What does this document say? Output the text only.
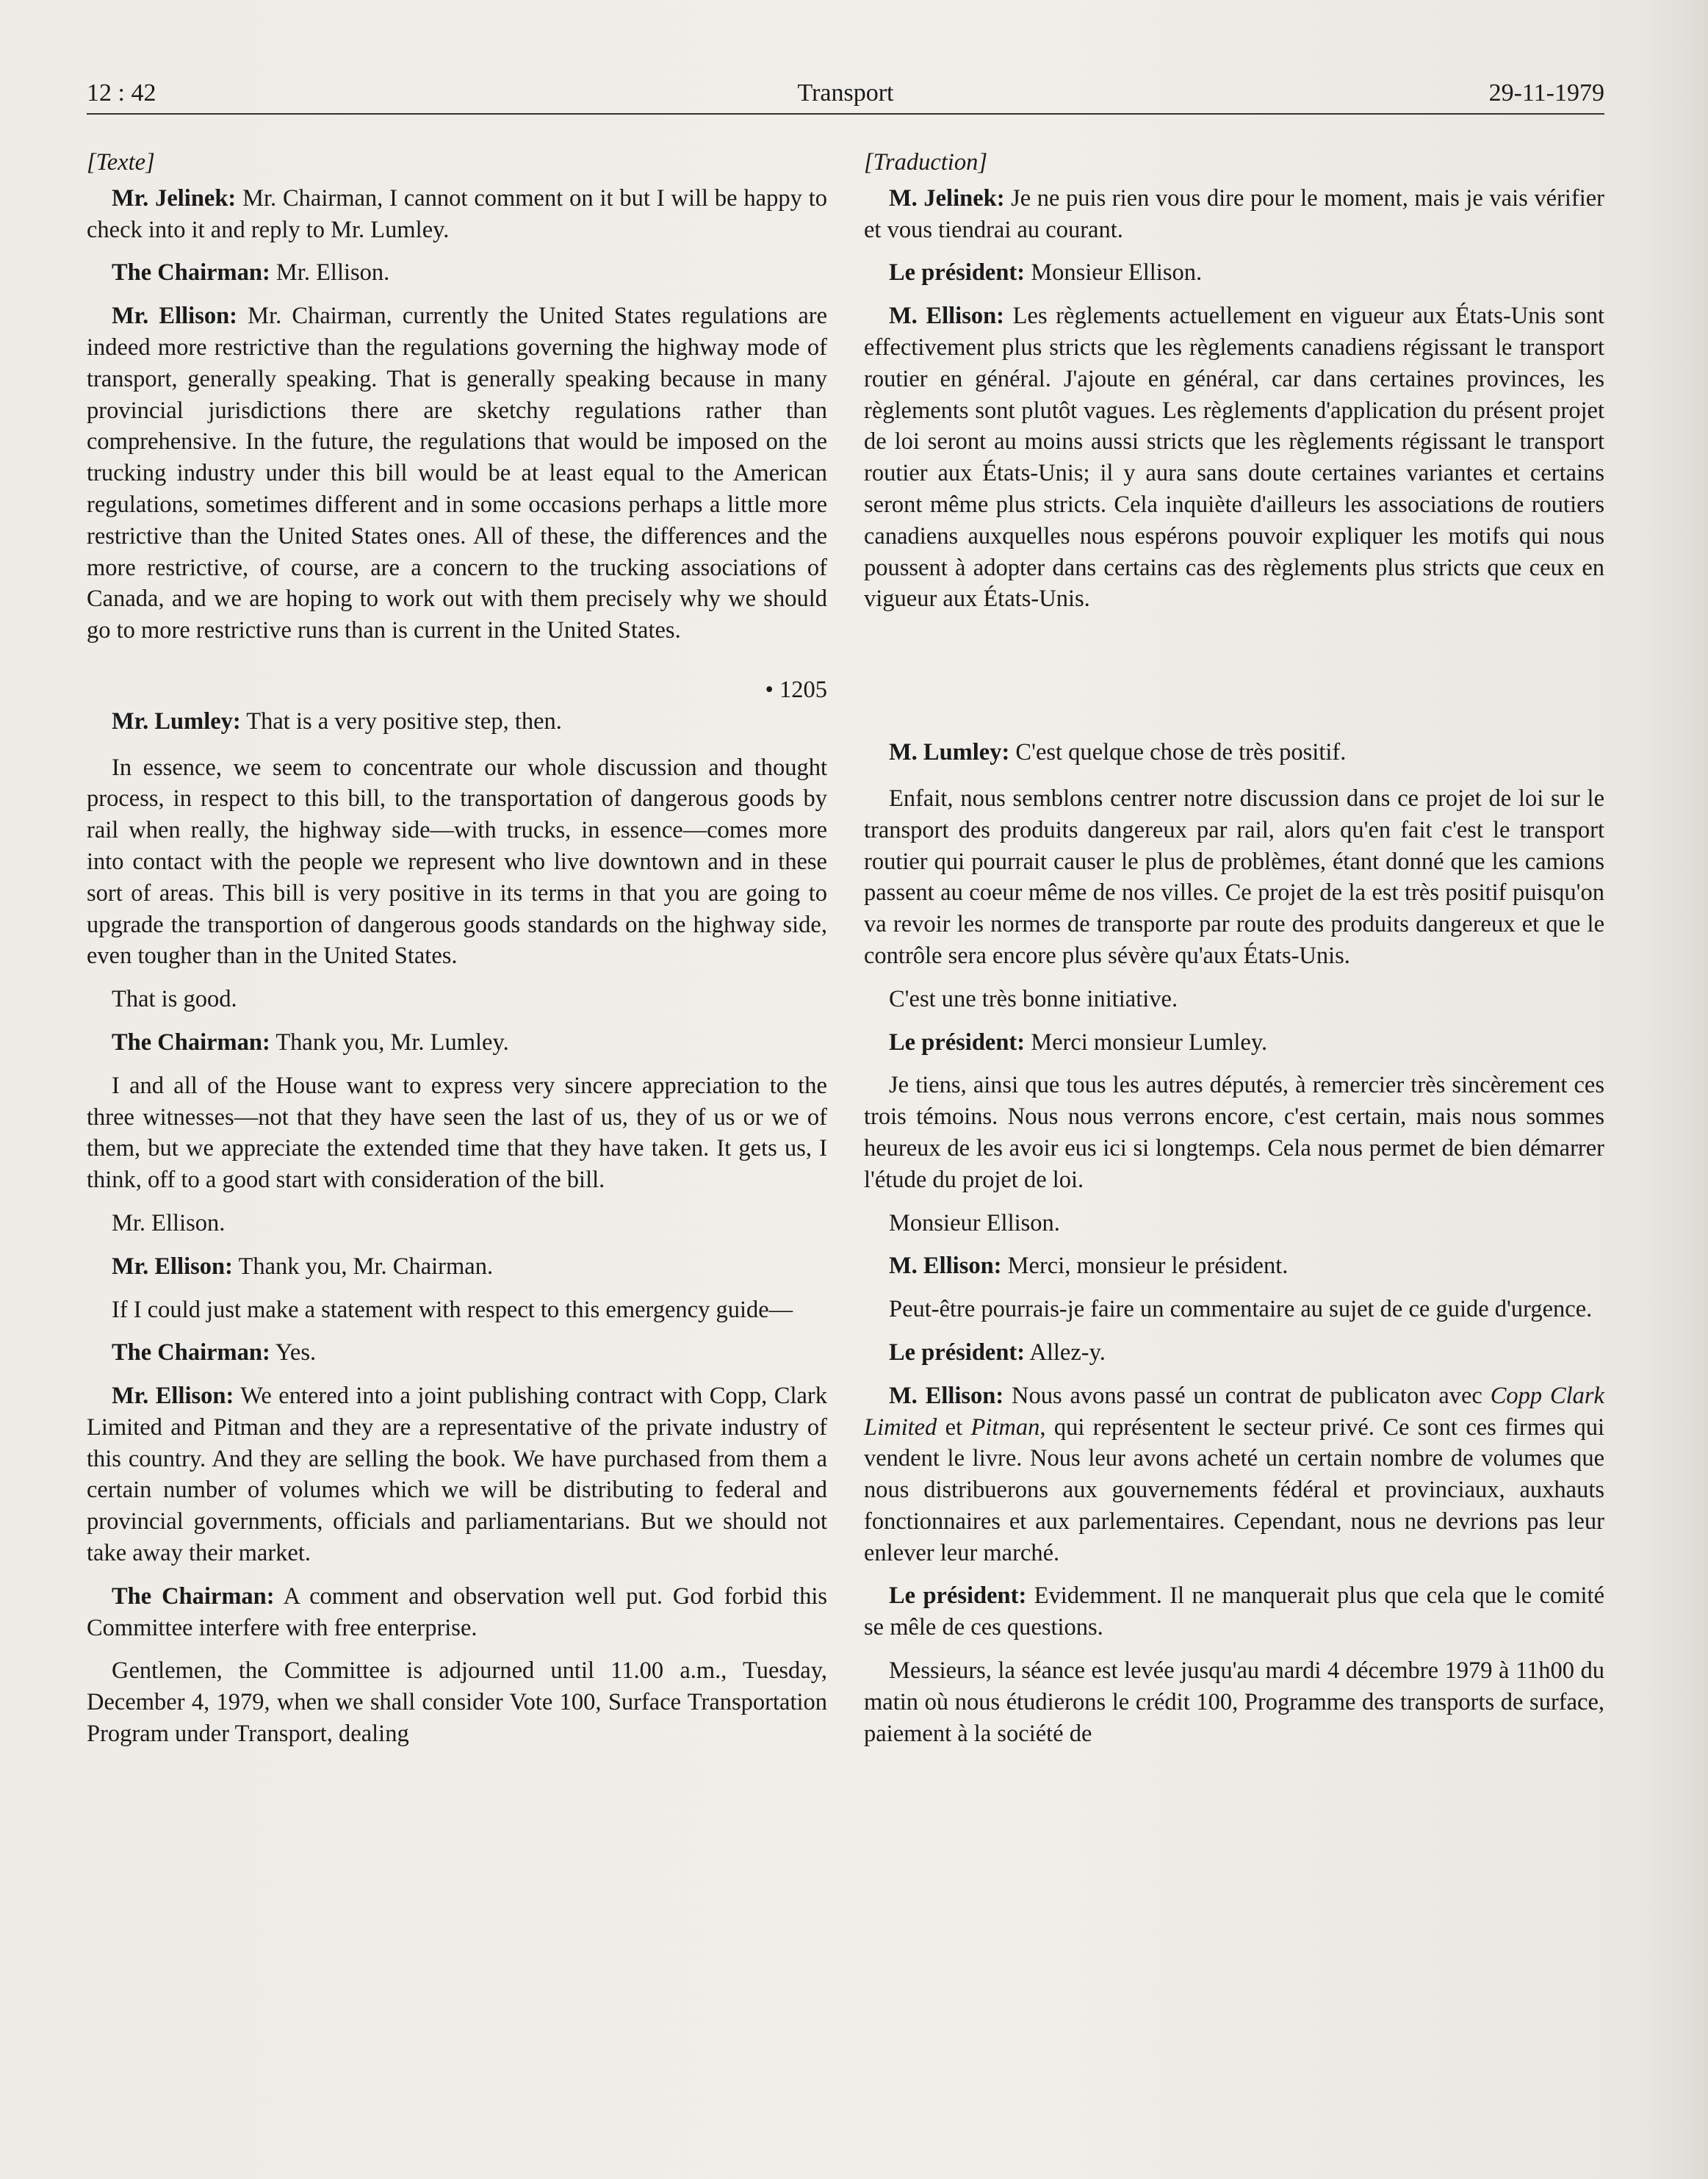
12 : 42	Transport	29-11-1979

[Texte]

Mr. Jelinek: Mr. Chairman, I cannot comment on it but I will be happy to check into it and reply to Mr. Lumley.

The Chairman: Mr. Ellison.

Mr. Ellison: Mr. Chairman, currently the United States regulations are indeed more restrictive than the regulations governing the highway mode of transport, generally speaking. That is generally speaking because in many provincial jurisdictions there are sketchy regulations rather than comprehensive. In the future, the regulations that would be imposed on the trucking industry under this bill would be at least equal to the American regulations, sometimes different and in some occasions perhaps a little more restrictive than the United States ones. All of these, the differences and the more restrictive, of course, are a concern to the trucking associations of Canada, and we are hoping to work out with them precisely why we should go to more restrictive runs than is current in the United States.

• 1205

Mr. Lumley: That is a very positive step, then.

In essence, we seem to concentrate our whole discussion and thought process, in respect to this bill, to the transportation of dangerous goods by rail when really, the highway side—with trucks, in essence—comes more into contact with the people we represent who live downtown and in these sort of areas. This bill is very positive in its terms in that you are going to upgrade the transportion of dangerous goods standards on the highway side, even tougher than in the United States.

That is good.

The Chairman: Thank you, Mr. Lumley.

I and all of the House want to express very sincere appreciation to the three witnesses—not that they have seen the last of us, they of us or we of them, but we appreciate the extended time that they have taken. It gets us, I think, off to a good start with consideration of the bill.

Mr. Ellison.

Mr. Ellison: Thank you, Mr. Chairman.

If I could just make a statement with respect to this emergency guide—

The Chairman: Yes.

Mr. Ellison: We entered into a joint publishing contract with Copp, Clark Limited and Pitman and they are a representative of the private industry of this country. And they are selling the book. We have purchased from them a certain number of volumes which we will be distributing to federal and provincial governments, officials and parliamentarians. But we should not take away their market.

The Chairman: A comment and observation well put. God forbid this Committee interfere with free enterprise.

Gentlemen, the Committee is adjourned until 11.00 a.m., Tuesday, December 4, 1979, when we shall consider Vote 100, Surface Transportation Program under Transport, dealing

[Traduction]

M. Jelinek: Je ne puis rien vous dire pour le moment, mais je vais vérifier et vous tiendrai au courant.

Le président: Monsieur Ellison.

M. Ellison: Les règlements actuellement en vigueur aux États-Unis sont effectivement plus stricts que les règlements canadiens régissant le transport routier en général. J'ajoute en général, car dans certaines provinces, les règlements sont plutôt vagues. Les règlements d'application du présent projet de loi seront au moins aussi stricts que les règlements régissant le transport routier aux États-Unis; il y aura sans doute certaines variantes et certains seront même plus stricts. Cela inquiète d'ailleurs les associations de routiers canadiens auxquelles nous espérons pouvoir expliquer les motifs qui nous poussent à adopter dans certains cas des règlements plus stricts que ceux en vigueur aux États-Unis.

M. Lumley: C'est quelque chose de très positif.

Enfait, nous semblons centrer notre discussion dans ce projet de loi sur le transport des produits dangereux par rail, alors qu'en fait c'est le transport routier qui pourrait causer le plus de problèmes, étant donné que les camions passent au coeur même de nos villes. Ce projet de la est très positif puisqu'on va revoir les normes de transporte par route des produits dangereux et que le contrôle sera encore plus sévère qu'aux États-Unis.

C'est une très bonne initiative.

Le président: Merci monsieur Lumley.

Je tiens, ainsi que tous les autres députés, à remercier très sincèrement ces trois témoins. Nous nous verrons encore, c'est certain, mais nous sommes heureux de les avoir eus ici si longtemps. Cela nous permet de bien démarrer l'étude du projet de loi.

Monsieur Ellison.

M. Ellison: Merci, monsieur le président.

Peut-être pourrais-je faire un commentaire au sujet de ce guide d'urgence.

Le président: Allez-y.

M. Ellison: Nous avons passé un contrat de publicaton avec Copp Clark Limited et Pitman, qui représentent le secteur privé. Ce sont ces firmes qui vendent le livre. Nous leur avons acheté un certain nombre de volumes que nous distribuerons aux gouvernements fédéral et provinciaux, auxhauts fonctionnaires et aux parlementaires. Cependant, nous ne devrions pas leur enlever leur marché.

Le président: Evidemment. Il ne manquerait plus que cela que le comité se mêle de ces questions.

Messieurs, la séance est levée jusqu'au mardi 4 décembre 1979 à 11h00 du matin où nous étudierons le crédit 100, Programme des transports de surface, paiement à la société de
